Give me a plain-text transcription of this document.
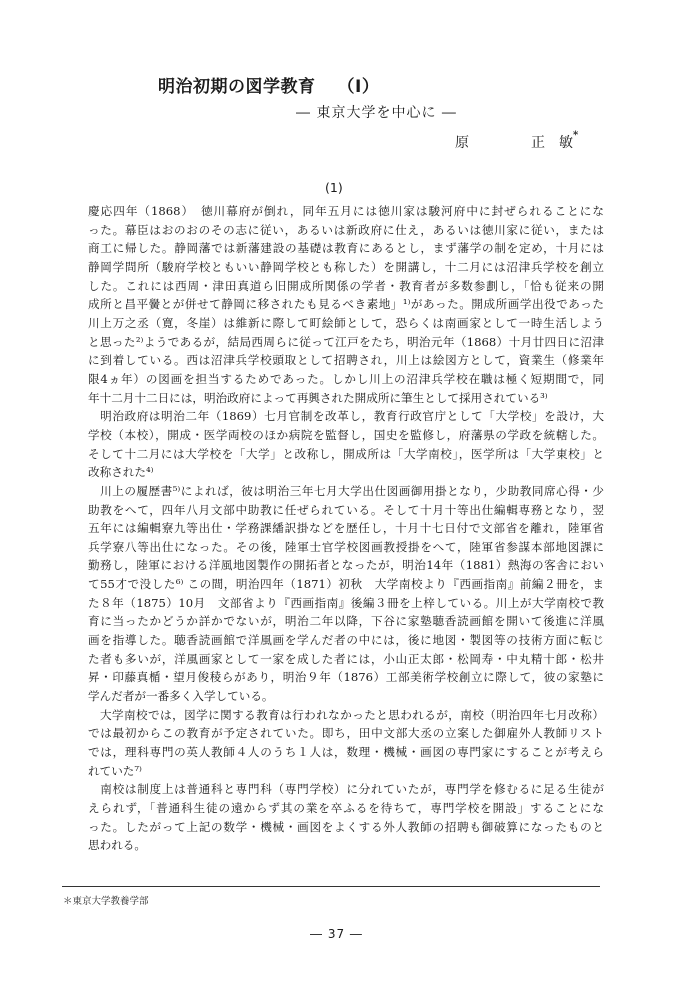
明治初期の図学教育 （Ⅰ）
― 東京大学を中心に ―
原	正　敏*
(1)
慶応四年（1868）　徳川幕府が倒れ，同年五月には徳川家は駿河府中に封ぜられることにな
った。幕臣はおのおのその志に従い，あるいは新政府に仕え，あるいは徳川家に従い，または
商工に帰した。静岡藩では新藩建設の基礎は教育にあるとし，まず藩学の制を定め，十月には
静岡学問所（駿府学校ともいい静岡学校とも称した）を開講し，十二月には沼津兵学校を創立
した。これには西周・津田真道ら旧開成所関係の学者・教育者が多数参劃し，「恰も従来の開
成所と昌平黌とが併せて静岡に移されたも見るべき素地」¹⁾があった。開成所画学出役であった
川上万之丞（寛，冬崖）は維新に際して町絵師として，恐らくは南画家として一時生活しよう
と思った²⁾ようであるが，結局西周らに従って江戸をたち，明治元年（1868）十月廿四日に沼津
に到着している。西は沼津兵学校頭取として招聘され，川上は絵図方として，資業生（修業年
限4ヵ年）の図画を担当するためであった。しかし川上の沼津兵学校在職は極く短期間で，同
年十二月十二日には，明治政府によって再興された開成所に筆生として採用されている³⁾
　明治政府は明治二年（1869）七月官制を改革し，教育行政官庁として「大学校」を設け，大
学校（本校），開成・医学両校のほか病院を監督し，国史を監修し，府藩県の学政を統轄した。
そして十二月には大学校を「大学」と改称し，開成所は「大学南校」，医学所は「大学東校」と
改称された⁴⁾
　川上の履歴書⁵⁾によれば，彼は明治三年七月大学出仕図画御用掛となり，少助教同席心得・少
助教をへて，四年八月文部中助教に任ぜられている。そして十月十等出仕編輯専務となり，翌
五年には編輯寮九等出仕・学務課繙訳掛などを歴任し，十月十七日付で文部省を離れ，陸軍省
兵学寮八等出仕になった。その後，陸軍士官学校図画教授掛をへて，陸軍省参謀本部地図課に
勤務し，陸軍における洋風地図製作の開拓者となったが，明治14年（1881）熱海の客舎におい
て55才で没した⁶⁾ この間，明治四年（1871）初秋　大学南校より『西画指南』前編２冊を，ま
た８年（1875）10月　文部省より『西画指南』後編３冊を上梓している。川上が大学南校で教
育に当ったかどうか詳かでないが，明治二年以降，下谷に家塾聴香読画館を開いて後進に洋風
画を指導した。聴香読画館で洋風画を学んだ者の中には，後に地図・製図等の技術方面に転じ
た者も多いが，洋風画家として一家を成した者には，小山正太郎・松岡寿・中丸精十郎・松井
昇・印藤真楯・望月俊稜らがあり，明治９年（1876）工部美術学校創立に際して，彼の家塾に
学んだ者が一番多く入学している。
　大学南校では，図学に関する教育は行われなかったと思われるが，南校（明治四年七月改称）
では最初からこの教育が予定されていた。即ち，田中文部大丞の立案した御雇外人教師リスト
では，理科専門の英人教師４人のうち１人は，数理・機械・画図の専門家にすることが考えら
れていた⁷⁾
　南校は制度上は普通科と専門科（専門学校）に分れていたが，専門学を修むるに足る生徒が
えられず，「普通科生徒の遠からず其の業を卒ふるを待ちて，専門学校を開設」することにな
った。したがって上記の数学・機械・画図をよくする外人教師の招聘も御破算になったものと
思われる。
＊東京大学教養学部
― 37 ―
